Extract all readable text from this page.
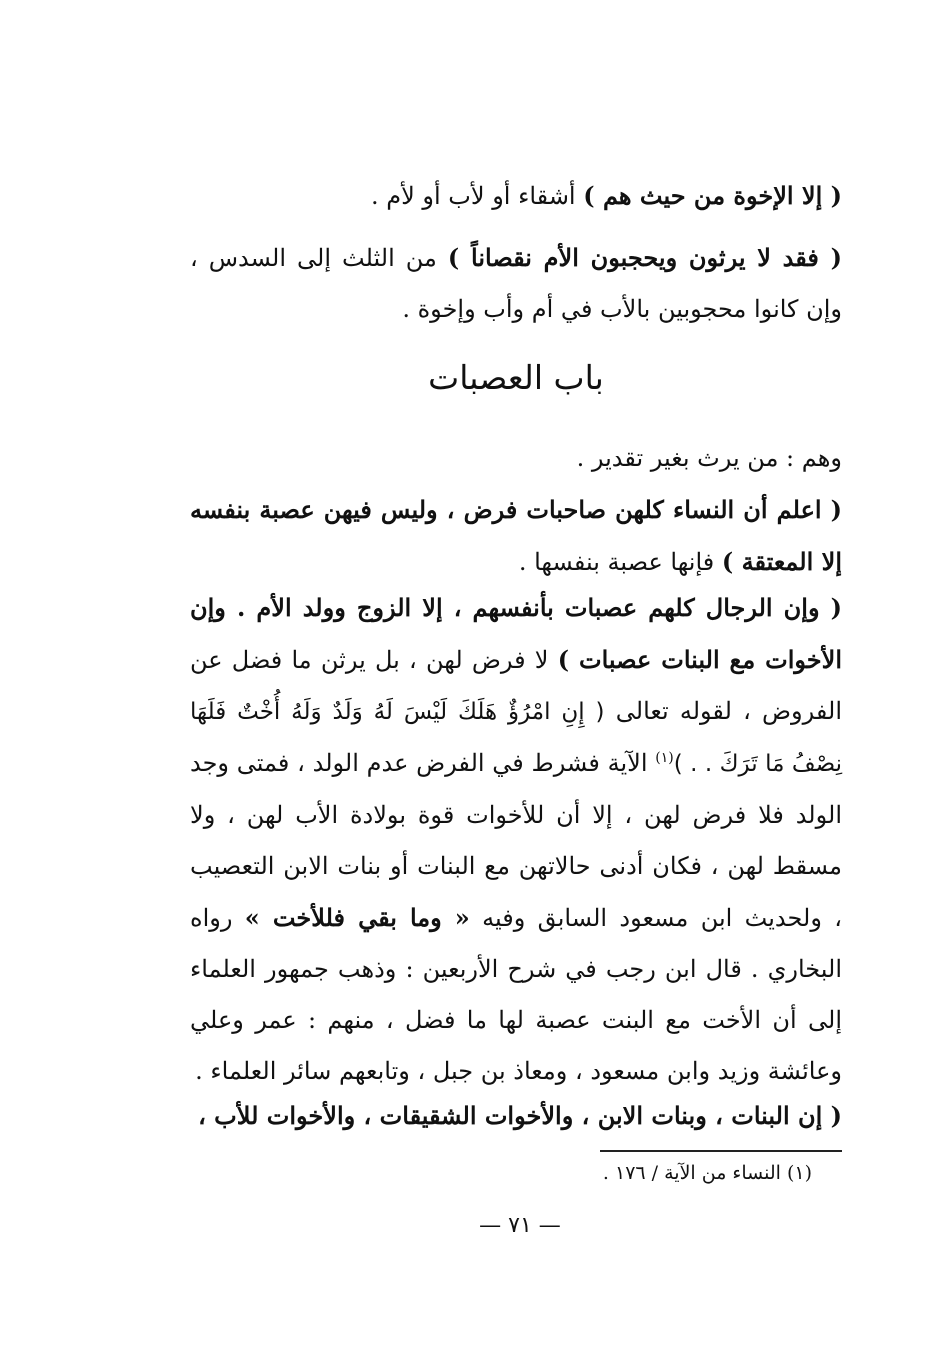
( إلا الإخوة من حيث هم ) أشقاء أو لأب أو لأم .
( فقد لا يرثون ويحجبون الأم نقصاناً ) من الثلث إلى السدس ، وإن كانوا محجوبين بالأب في أم وأب وإخوة .
باب العصبات
وهم : من يرث بغير تقدير .
( اعلم أن النساء كلهن صاحبات فرض ، وليس فيهن عصبة بنفسه إلا المعتقة ) فإنها عصبة بنفسها .
( وإن الرجال كلهم عصبات بأنفسهم ، إلا الزوج وولد الأم . وإن الأخوات مع البنات عصبات ) لا فرض لهن ، بل يرثن ما فضل عن الفروض ، لقوله تعالى ( إِنِ امْرُؤٌ هَلَكَ لَيْسَ لَهُ وَلَدٌ وَلَهُ أُخْتٌ فَلَهَا نِصْفُ مَا تَرَكَ . . )$^{(١)}$ الآية فشرط في الفرض عدم الولد ، فمتى وجد الولد فلا فرض لهن ، إلا أن للأخوات قوة بولادة الأب لهن ، ولا مسقط لهن ، فكان أدنى حالاتهن مع البنات أو بنات الابن التعصيب ، ولحديث ابن مسعود السابق وفيه « وما بقي فللأخت » رواه البخاري . قال ابن رجب في شرح الأربعين : وذهب جمهور العلماء إلى أن الأخت مع البنت عصبة لها ما فضل ، منهم : عمر وعلي وعائشة وزيد وابن مسعود ، ومعاذ بن جبل ، وتابعهم سائر العلماء .
( إن البنات ، وبنات الابن ، والأخوات الشقيقات ، والأخوات للأب ،
(١) النساء من الآية / ١٧٦ .
— ٧١ —
